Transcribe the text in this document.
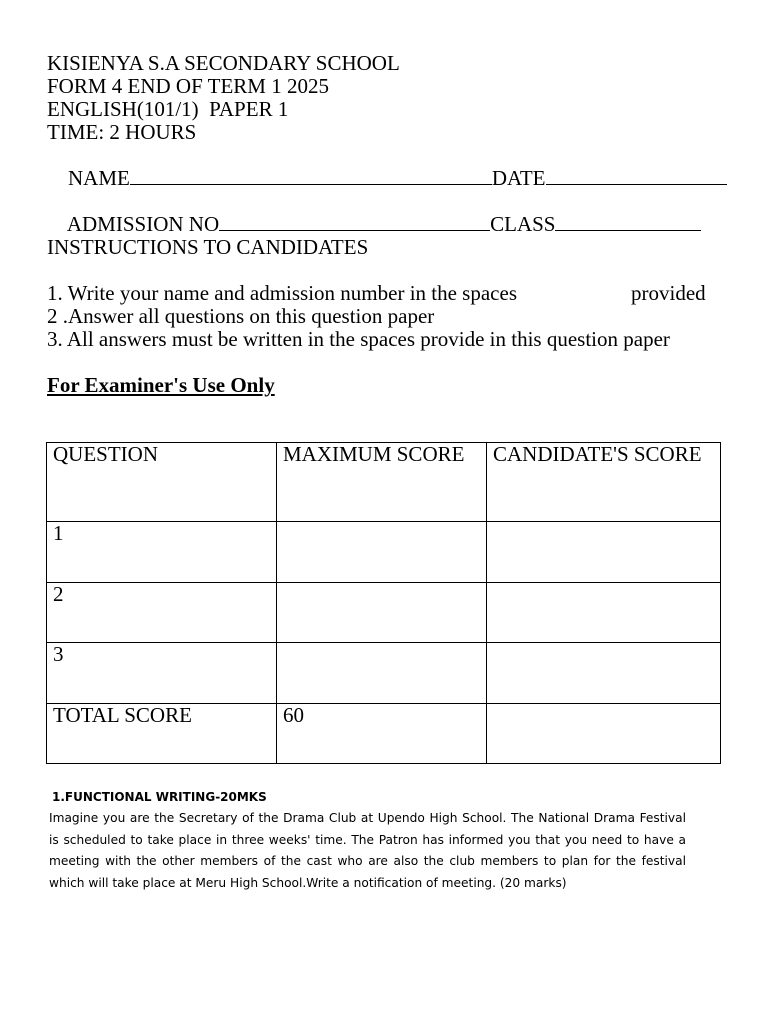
KISIENYA S.A SECONDARY SCHOOL
FORM 4 END OF TERM 1 2025
ENGLISH(101/1)  PAPER 1
TIME: 2 HOURS

NAME	DATE

ADMISSION NO	CLASS

INSTRUCTIONS TO CANDIDATES
1. Write your name and admission number in the spaces	provided
2 .Answer all questions on this question paper
3. All answers must be written in the spaces provide in this question paper
For Examiner's Use Only
QUESTION	MAXIMUM SCORE	CANDIDATE'S SCORE
1		
2		
3		
TOTAL SCORE	60	
1.FUNCTIONAL WRITING-20MKS
Imagine you are the Secretary of the Drama Club at Upendo High School. The National Drama Festival is scheduled to take place in three weeks' time. The Patron has informed you that you need to have a meeting with the other members of the cast who are also the club members to plan for the festival which will take place at Meru High School.Write a notification of meeting. (20 marks)
